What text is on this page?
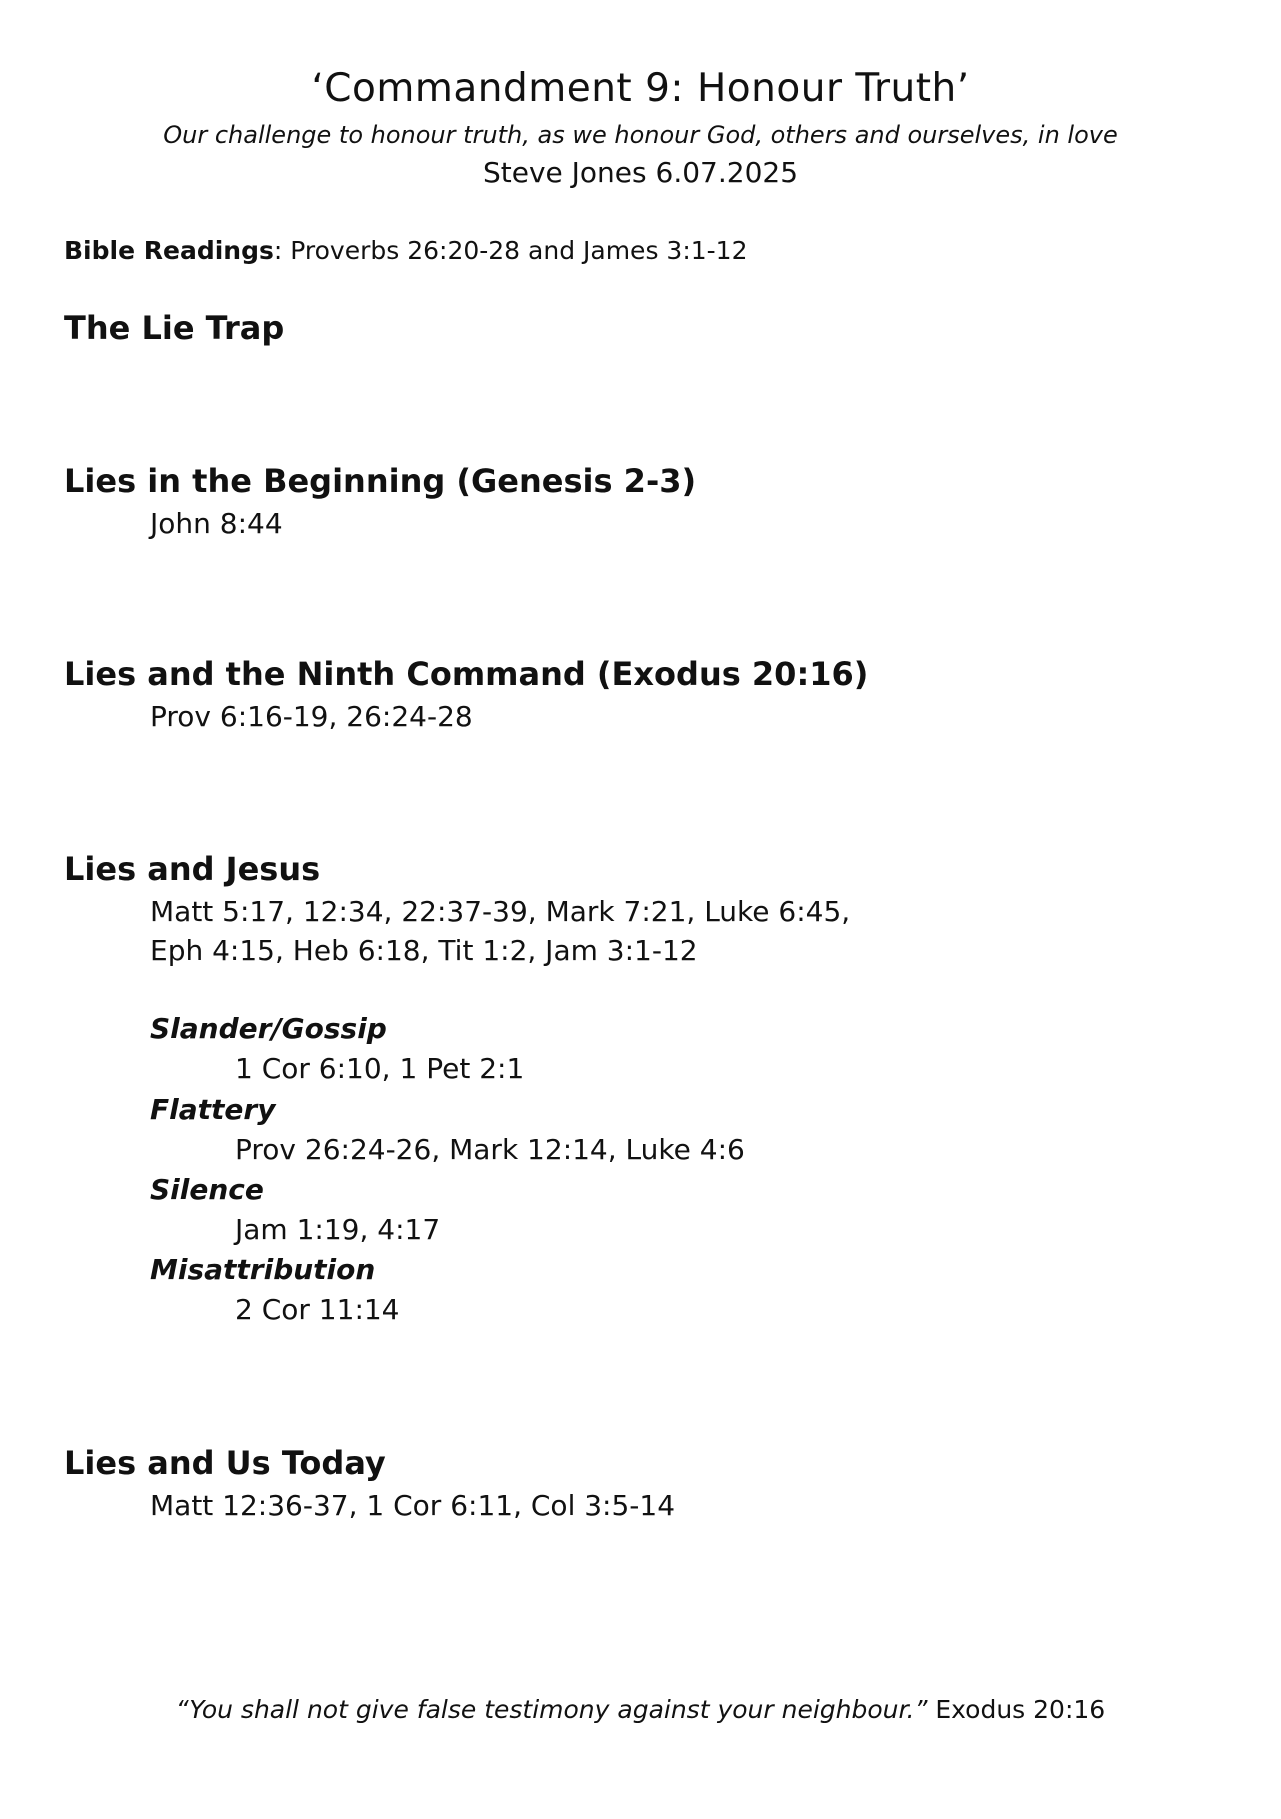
‘Commandment 9: Honour Truth’
Our challenge to honour truth, as we honour God, others and ourselves, in love
Steve Jones 6.07.2025
Bible Readings: Proverbs 26:20-28 and James 3:1-12
The Lie Trap
Lies in the Beginning (Genesis 2-3)
John 8:44
Lies and the Ninth Command (Exodus 20:16)
Prov 6:16-19, 26:24-28
Lies and Jesus
Matt 5:17, 12:34, 22:37-39, Mark 7:21, Luke 6:45,
Eph 4:15, Heb 6:18, Tit 1:2, Jam 3:1-12
Slander/Gossip
1 Cor 6:10, 1 Pet 2:1
Flattery
Prov 26:24-26, Mark 12:14, Luke 4:6
Silence
Jam 1:19, 4:17
Misattribution
2 Cor 11:14
Lies and Us Today
Matt 12:36-37, 1 Cor 6:11, Col 3:5-14
“You shall not give false testimony against your neighbour.” Exodus 20:16
